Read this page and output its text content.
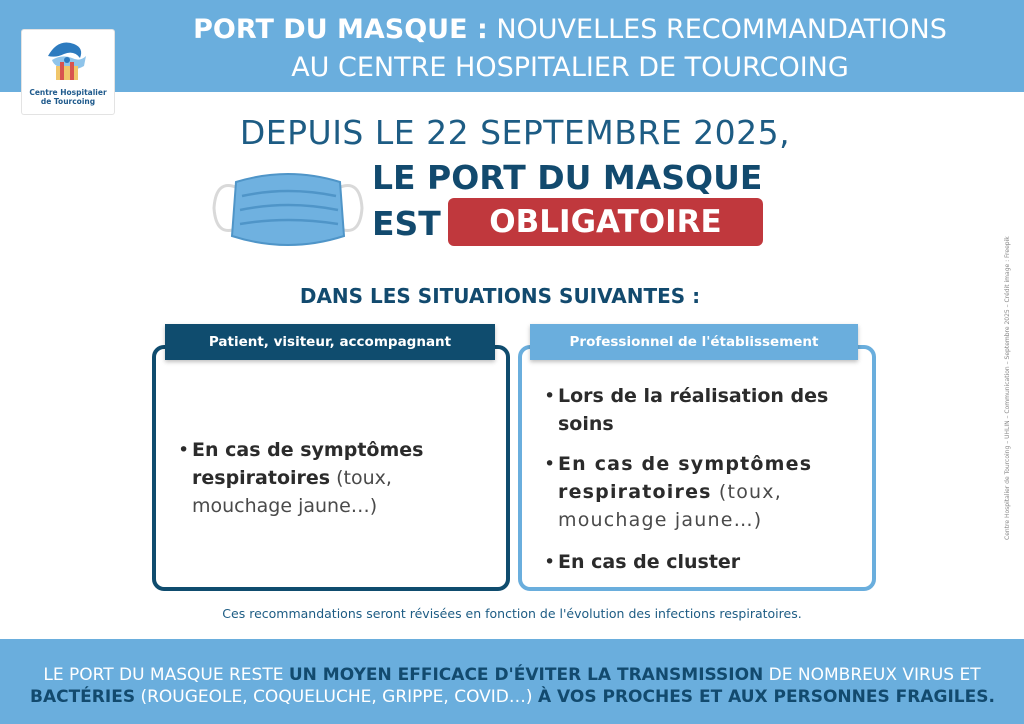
PORT DU MASQUE : NOUVELLES RECOMMANDATIONS
AU CENTRE HOSPITALIER DE TOURCOING
Centre Hospitalier
de Tourcoing
DEPUIS LE 22 SEPTEMBRE 2025,
LE PORT DU MASQUE
EST	OBLIGATOIRE
DANS LES SITUATIONS SUIVANTES :
Patient, visiteur, accompagnant
• En cas de symptômes
respiratoires (toux, mouchage jaune…)
Professionnel de l'établissement
• Lors de la réalisation des soins
• En cas de symptômes
respiratoires (toux, mouchage jaune…)
• En cas de cluster
Ces recommandations seront révisées en fonction de l'évolution des infections respiratoires.
LE PORT DU MASQUE RESTE UN MOYEN EFFICACE D'ÉVITER LA TRANSMISSION DE NOMBREUX VIRUS ET
BACTÉRIES (ROUGEOLE, COQUELUCHE, GRIPPE, COVID…) À VOS PROCHES ET AUX PERSONNES FRAGILES.
Centre Hospitalier de Tourcoing – UHLIN – Communication – Septembre 2025 – Crédit image : Freepik
